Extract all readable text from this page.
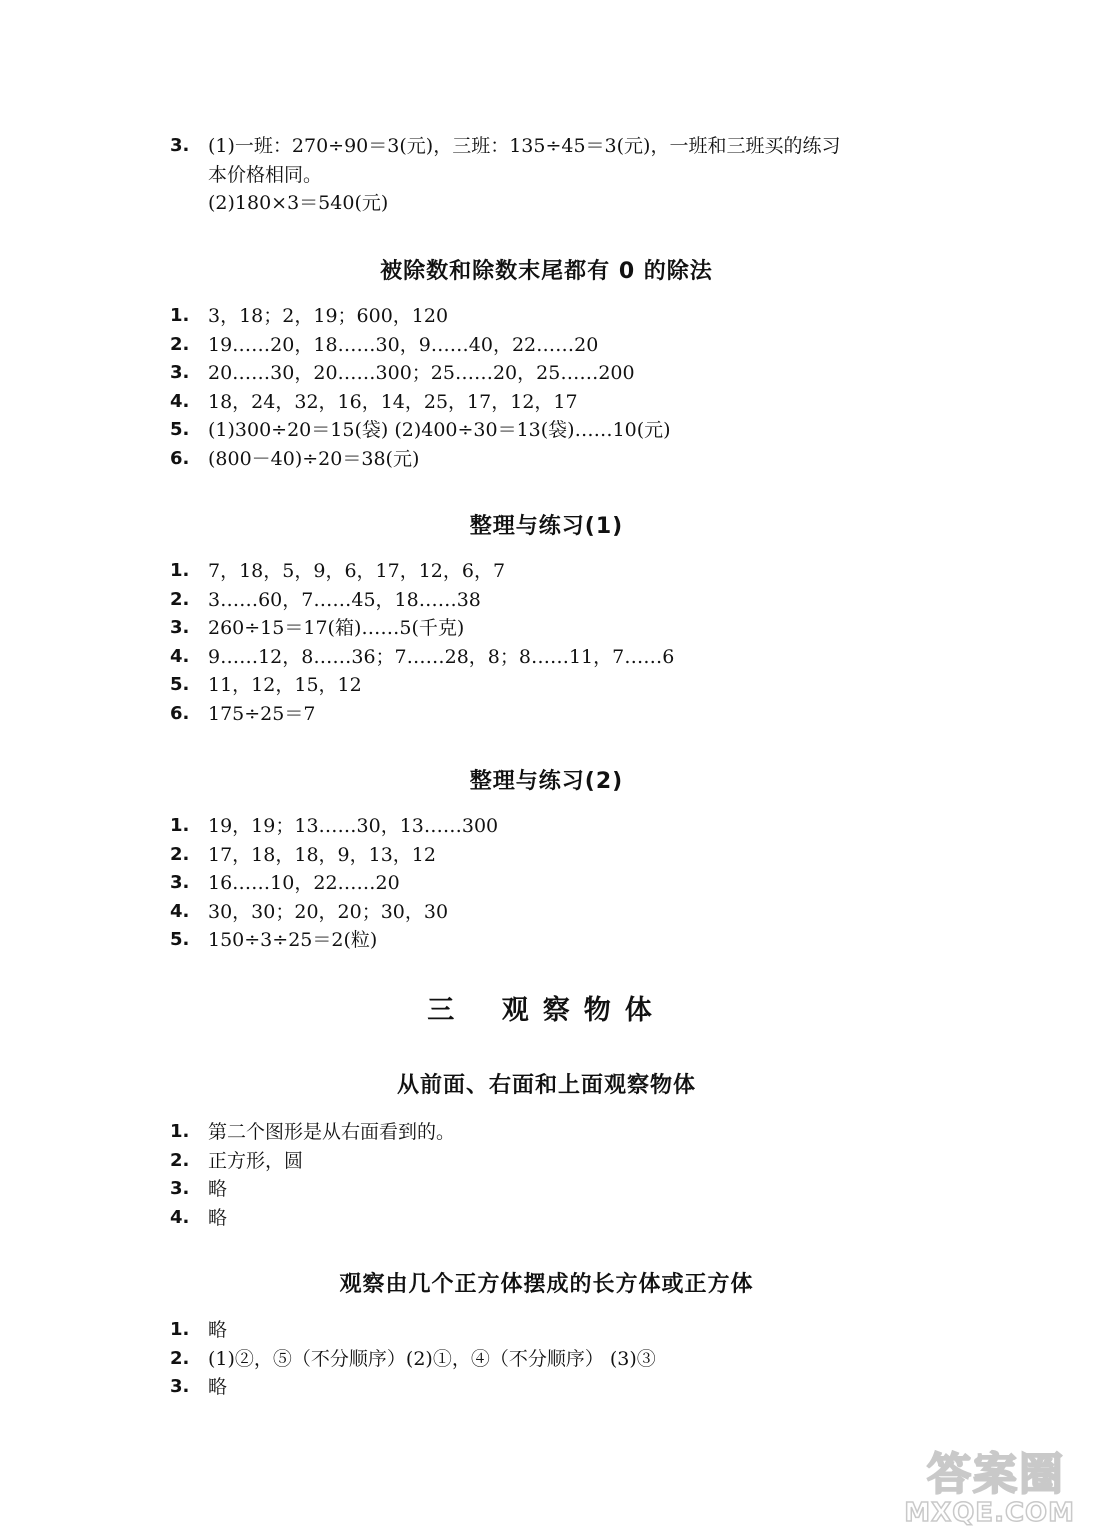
3. (1)一班：270÷90＝3(元)，三班：135÷45＝3(元)，一班和三班买的练习
本价格相同。
(2)180×3＝540(元)
被除数和除数末尾都有 0 的除法
1. 3，18；2，19；600，120
2. 19……20，18……30，9……40，22……20
3. 20……30，20……300；25……20，25……200
4. 18，24，32，16，14，25，17，12，17
5. (1)300÷20＝15(袋) (2)400÷30＝13(袋)……10(元)
6. (800－40)÷20＝38(元)
整理与练习(1)
1. 7，18，5，9，6，17，12，6，7
2. 3……60，7……45，18……38
3. 260÷15＝17(箱)……5(千克)
4. 9……12，8……36；7……28，8；8……11，7……6
5. 11，12，15，12
6. 175÷25＝7
整理与练习(2)
1. 19，19；13……30，13……300
2. 17，18，18，9，13，12
3. 16……10，22……20
4. 30，30；20，20；30，30
5. 150÷3÷25＝2(粒)
三 观察物体
从前面、右面和上面观察物体
1. 第二个图形是从右面看到的。
2. 正方形，圆
3. 略
4. 略
观察由几个正方体摆成的长方体或正方体
1. 略
2. (1)②，⑤（不分顺序）(2)①，④（不分顺序） (3)③
3. 略
答案圈
MXQE.COM
